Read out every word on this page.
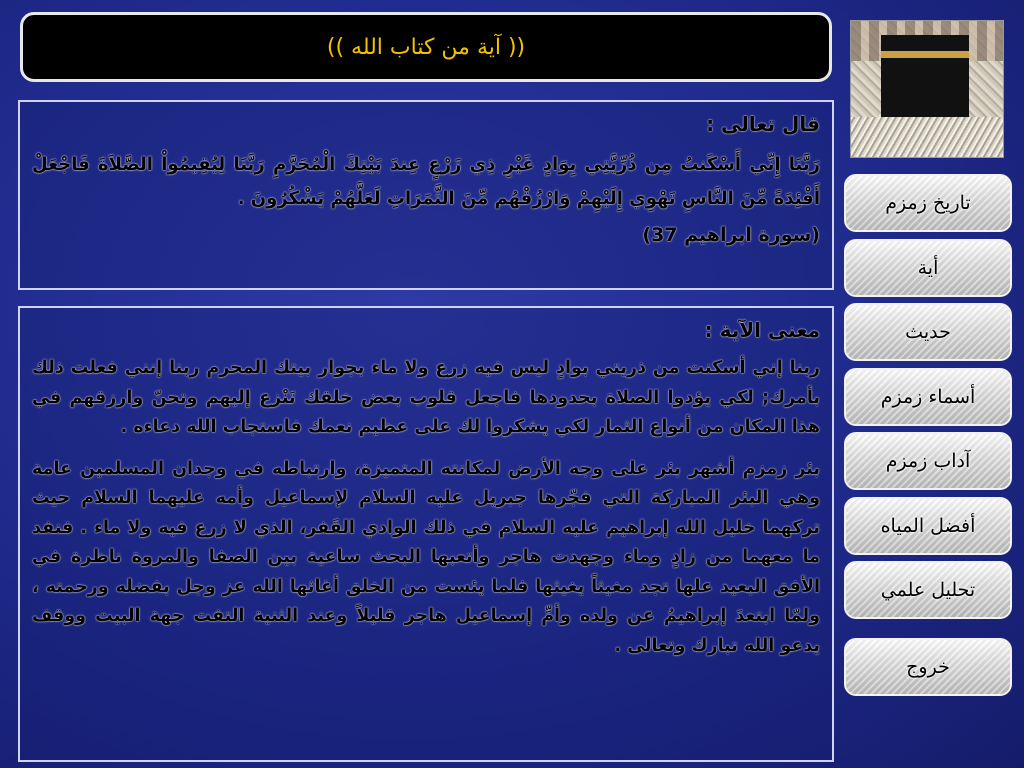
(( آية من كتاب الله ))
قال تعالى :
رَبَّنَا إِنِّي أَسْكَنتُ مِن ذُرِّيَّتِي بِوَادٍ غَيْرِ ذِي زَرْعٍ عِندَ بَيْتِكَ الْمُحَرَّمِ رَبَّنَا لِيُقِيمُواْ الصَّلاَةَ فَاجْعَلْ أَفْئِدَةً مِّنَ النَّاسِ تَهْوِي إِلَيْهِمْ وَارْزُقْهُم مِّنَ الثَّمَرَاتِ لَعَلَّهُمْ يَشْكُرُونَ .
(سورة ابراهيم 37)
معنى الآية :
ربنا إني أسكنت من ذريتي بوادٍ ليس فيه زرع ولا ماء بجوار بيتك المحرم ربنا إنني فعلت ذلك بأمرك; لكي يؤدوا الصلاة بحدودها فاجعل قلوب بعض خلقك تَنْزع إليهم وتحنّ وارزقهم في هذا المكان من أنواع الثمار لكي يشكروا لك على عظيم نعمك فاستجاب الله دعاءه .
بئر زمزم أشهر بئر على وجه الأرض لمكانته المتميزة، وارتباطه في وجدان المسلمين عامة وهي البئر المباركة التي فجّرها جبريل عليه السلام لإسماعيل وأمه عليهما السلام حيث تركهما خليل الله إبراهيم عليه السلام في ذلك الوادي القَفر، الذي لا زرع فيه ولا ماء . فنفد ما معهما من زادٍ وماء وجهدت هاجر وأتعبها البحث ساعية بين الصفا والمروة ناظرة في الأفق البعيد علها تجد مغيثاً يغيثها فلما يئست من الخلق أغاثها الله عز وجل بفضله ورحمته ، ولمّا ابتعدَ إبراهيمُ عن ولده وأمِّ إسماعيل هاجر قليلاً وعند الثنية التفت جهة البيت ووقف يدعو الله تبارك وتعالى .
تاريخ زمزم
أية
حديث
أسماء زمزم
آداب زمزم
أفضل المياه
تحليل علمي
خروج
